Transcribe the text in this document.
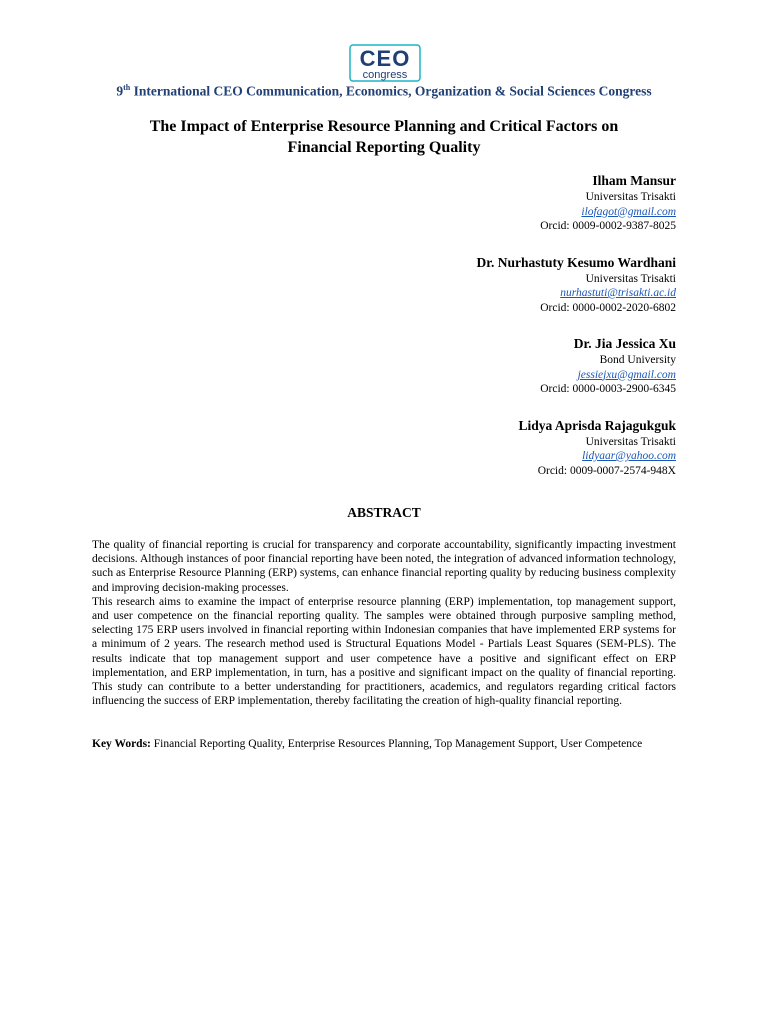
CEO
congress
9th International CEO Communication, Economics, Organization & Social Sciences Congress
The Impact of Enterprise Resource Planning and Critical Factors on
Financial Reporting Quality
Ilham Mansur
Universitas Trisakti
ilofagot@gmail.com
Orcid: 0009-0002-9387-8025
Dr. Nurhastuty Kesumo Wardhani
Universitas Trisakti
nurhastuti@trisakti.ac.id
Orcid: 0000-0002-2020-6802
Dr. Jia Jessica Xu
Bond University
jessiejxu@gmail.com
Orcid: 0000-0003-2900-6345
Lidya Aprisda Rajagukguk
Universitas Trisakti
lidyaar@yahoo.com
Orcid: 0009-0007-2574-948X
ABSTRACT

The quality of financial reporting is crucial for transparency and corporate accountability, significantly impacting investment decisions. Although instances of poor financial reporting have been noted, the integration of advanced information technology, such as Enterprise Resource Planning (ERP) systems, can enhance financial reporting quality by reducing business complexity and improving decision-making processes.

This research aims to examine the impact of enterprise resource planning (ERP) implementation, top management support, and user competence on the financial reporting quality. The samples were obtained through purposive sampling method, selecting 175 ERP users involved in financial reporting within Indonesian companies that have implemented ERP systems for a minimum of 2 years. The research method used is Structural Equations Model - Partials Least Squares (SEM-PLS). The results indicate that top management support and user competence have a positive and significant effect on ERP implementation, and ERP implementation, in turn, has a positive and significant impact on the quality of financial reporting. This study can contribute to a better understanding for practitioners, academics, and regulators regarding critical factors influencing the success of ERP implementation, thereby facilitating the creation of high-quality financial reporting.

Key Words: Financial Reporting Quality, Enterprise Resources Planning, Top Management Support, User Competence
